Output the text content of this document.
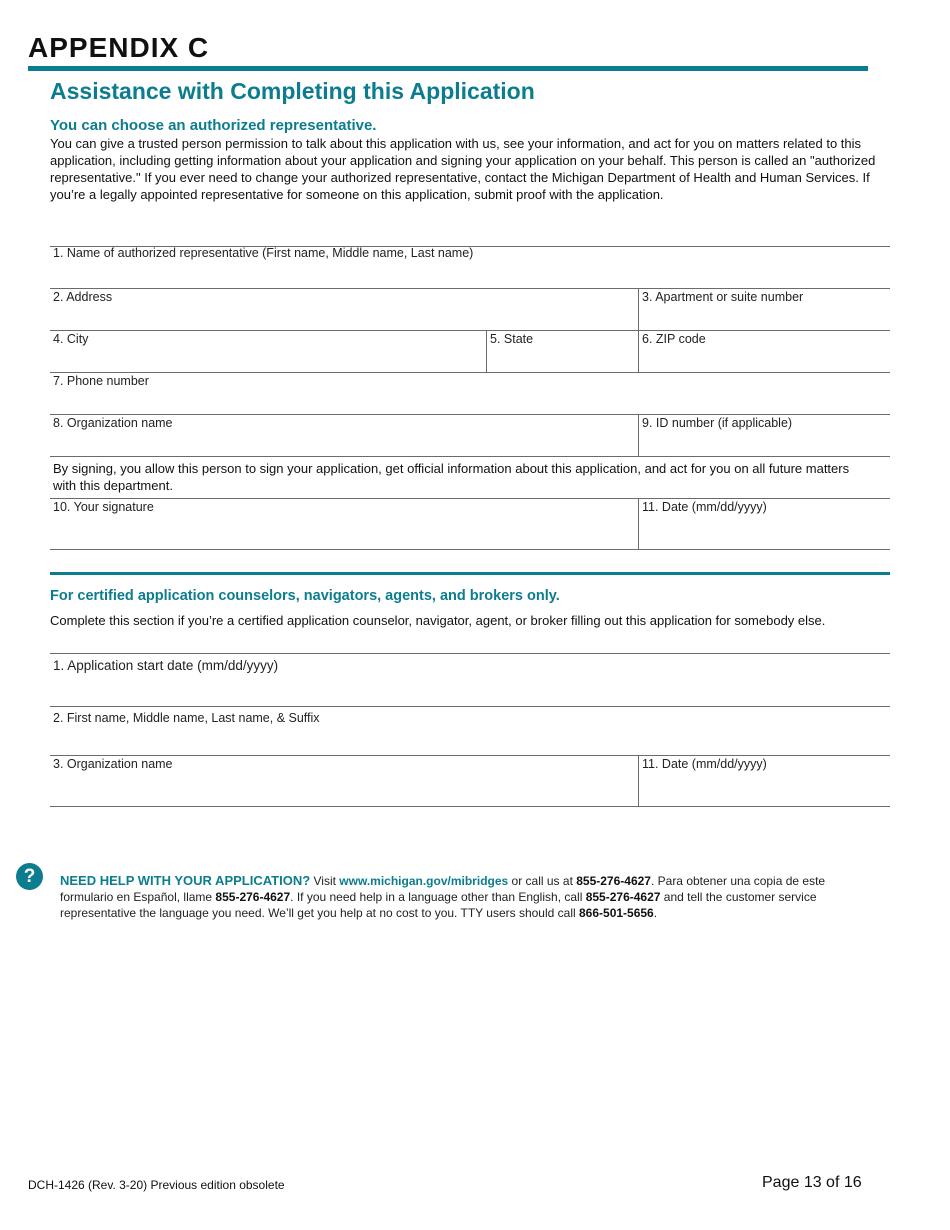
APPENDIX C
Assistance with Completing this Application
You can choose an authorized representative.
You can give a trusted person permission to talk about this application with us, see your information, and act for you on matters related to this application, including getting information about your application and signing your application on your behalf. This person is called an "authorized representative." If you ever need to change your authorized representative, contact the Michigan Department of Health and Human Services. If you’re a legally appointed representative for someone on this application, submit proof with the application.
1. Name of authorized representative (First name, Middle name, Last name)
2. Address	3. Apartment or suite number
4. City	5. State	6. ZIP code
7. Phone number
8. Organization name	9. ID number (if applicable)
By signing, you allow this person to sign your application, get official information about this application, and act for you on all future matters with this department.
10. Your signature	11. Date (mm/dd/yyyy)
For certified application counselors, navigators, agents, and brokers only.
Complete this section if you’re a certified application counselor, navigator, agent, or broker filling out this application for somebody else.
1. Application start date (mm/dd/yyyy)
2. First name, Middle name, Last name, & Suffix
3. Organization name	11. Date (mm/dd/yyyy)
?	NEED HELP WITH YOUR APPLICATION? Visit www.michigan.gov/mibridges or call us at 855-276-4627. Para obtener una copia de este formulario en Español, llame 855-276-4627. If you need help in a language other than English, call 855-276-4627 and tell the customer service representative the language you need. We’ll get you help at no cost to you. TTY users should call 866-501-5656.
DCH-1426 (Rev. 3-20) Previous edition obsolete	Page 13 of 16
